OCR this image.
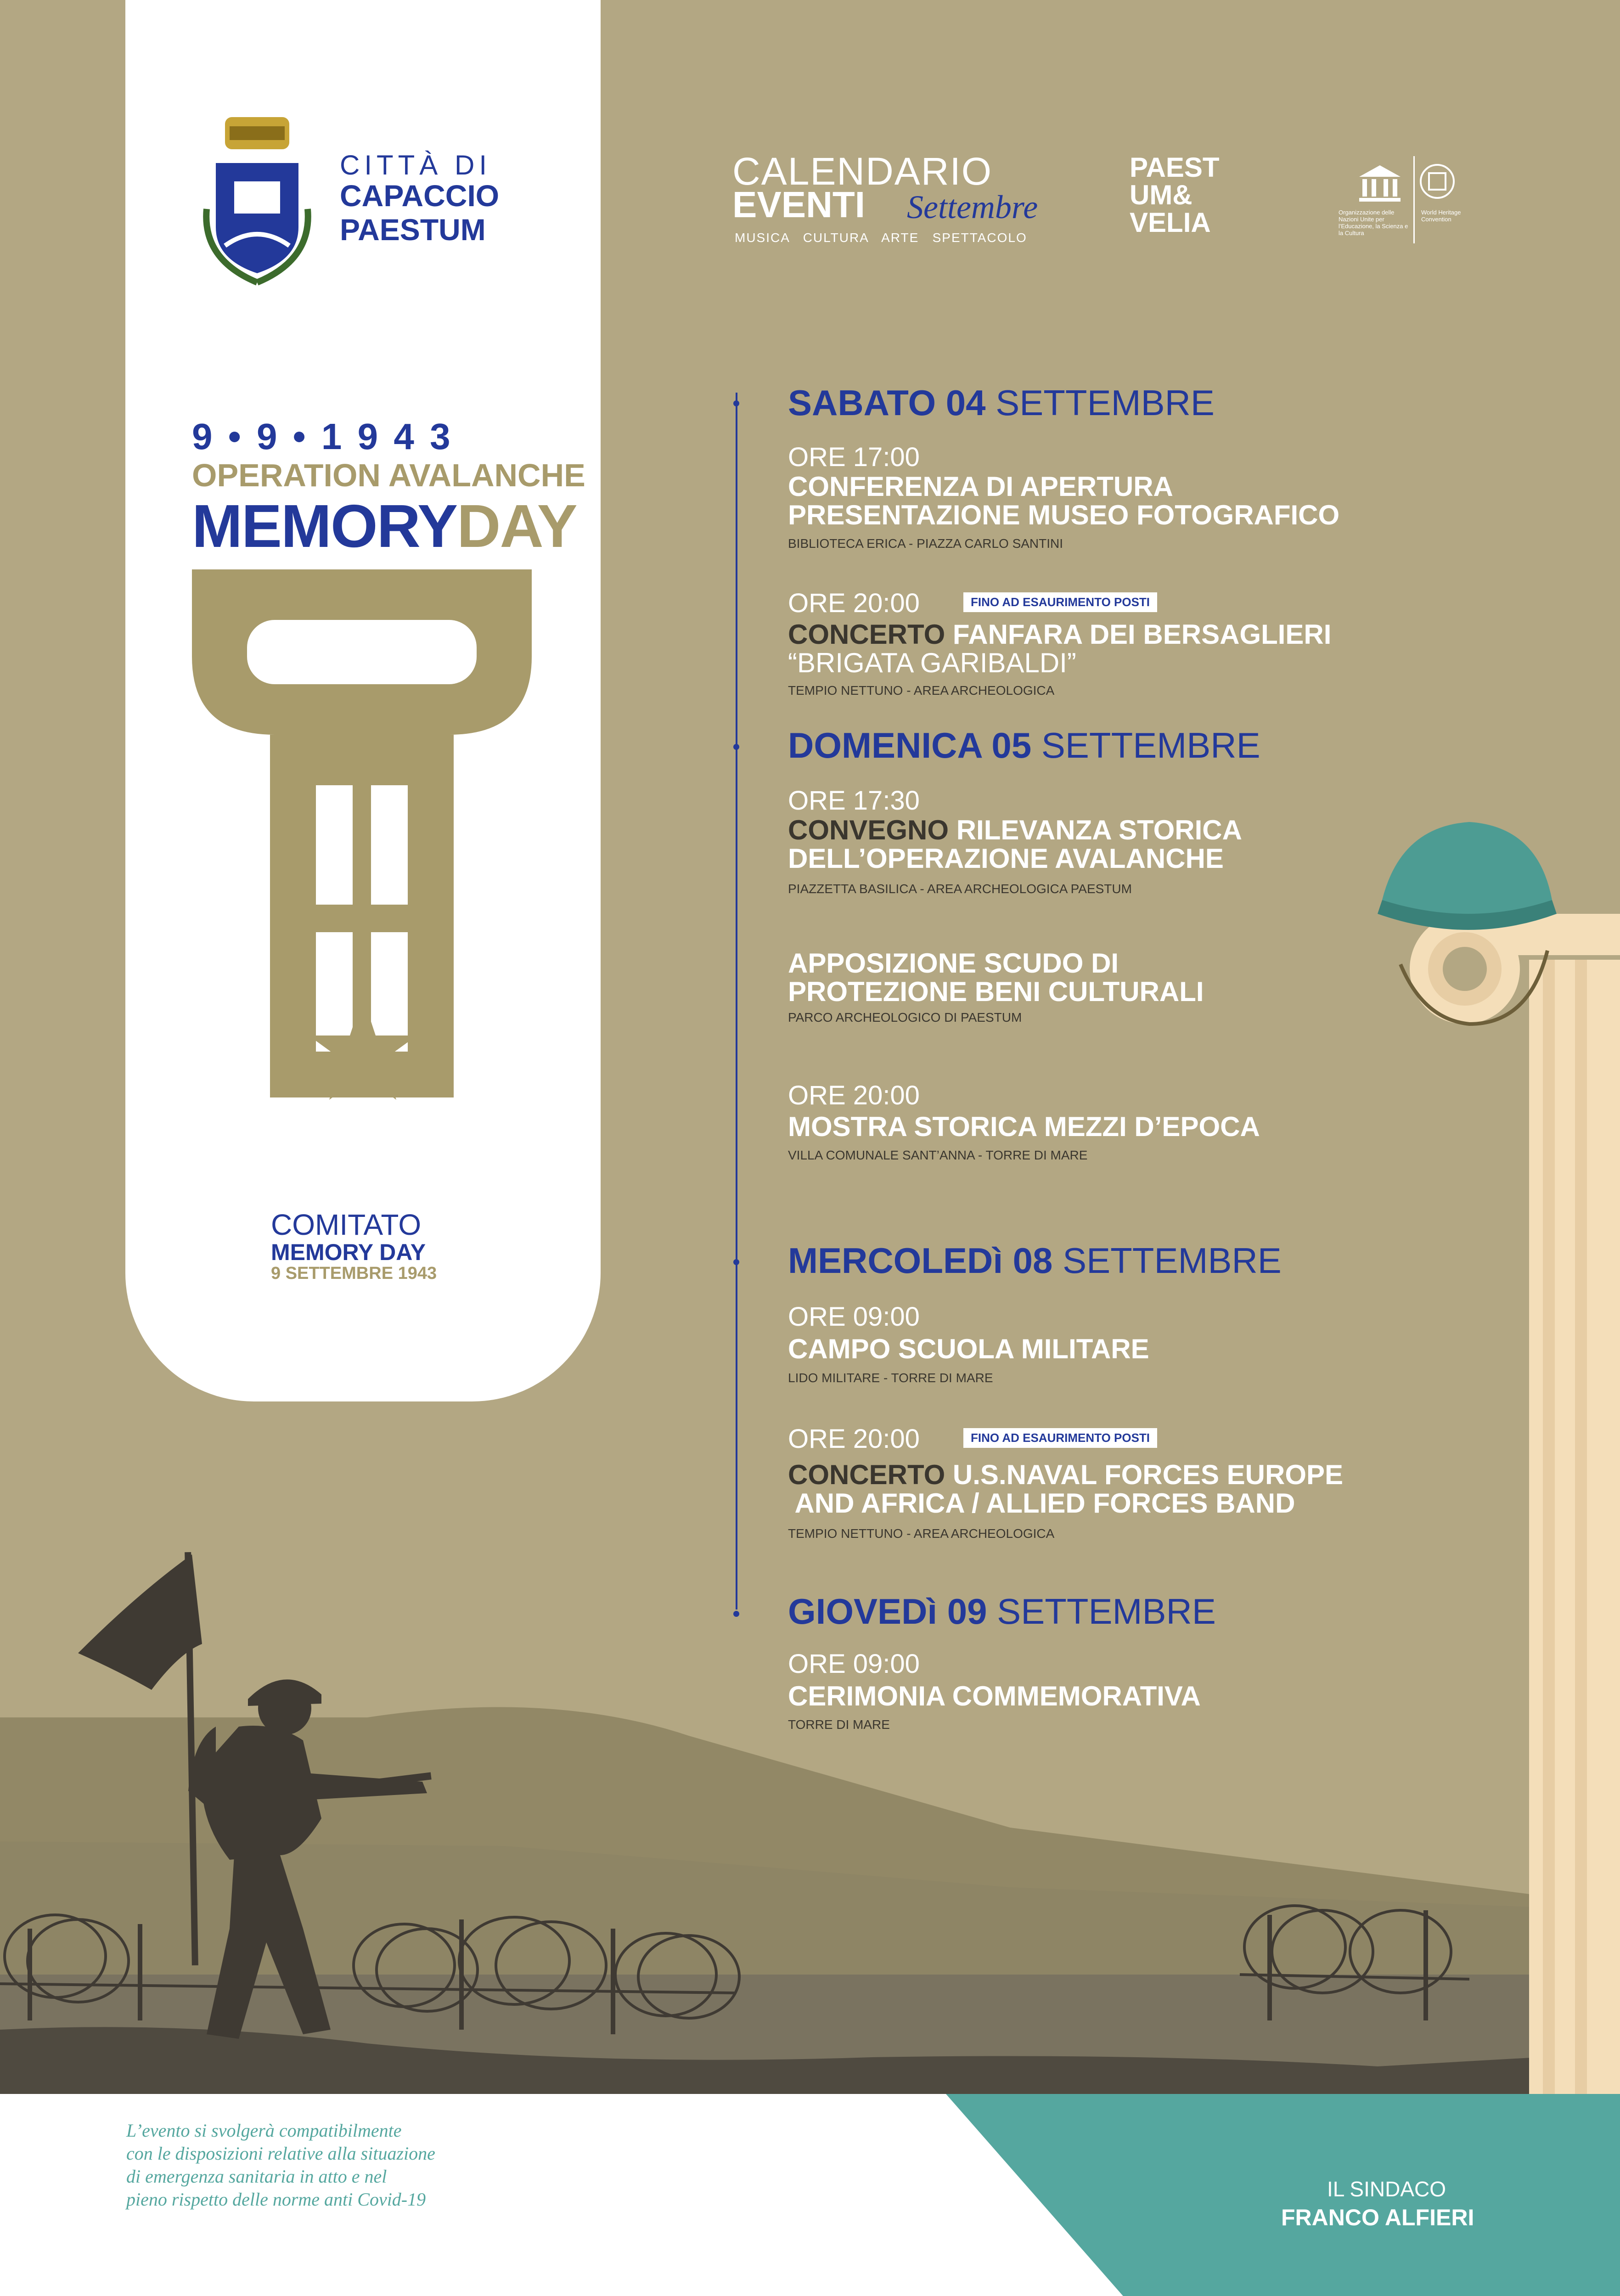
CITTÀ DI
CAPACCIO
PAESTUM
9 • 9 • 1 9 4 3
OPERATION AVALANCHE
MEMORYDAY
COMITATO
MEMORY DAY
9 SETTEMBRE 1943
CALENDARIO
EVENTI Settembre
MUSICA   CULTURA   ARTE   SPETTACOLO
PAEST
UM&
VELIA	Organizzazione delle Nazioni Unite per l'Educazione, la Scienza e la Cultura
World Heritage Convention
SABATO 04 SETTEMBRE
ORE 17:00
CONFERENZA DI APERTURA
PRESENTAZIONE MUSEO FOTOGRAFICO
BIBLIOTECA ERICA - PIAZZA CARLO SANTINI
ORE 20:00	FINO AD ESAURIMENTO POSTI
CONCERTO FANFARA DEI BERSAGLIERI
“BRIGATA GARIBALDI”
TEMPIO NETTUNO - AREA ARCHEOLOGICA
DOMENICA 05 SETTEMBRE
ORE 17:30
CONVEGNO RILEVANZA STORICA
DELL’OPERAZIONE AVALANCHE
PIAZZETTA BASILICA - AREA ARCHEOLOGICA PAESTUM
APPOSIZIONE SCUDO DI
PROTEZIONE BENI CULTURALI
PARCO ARCHEOLOGICO DI PAESTUM
ORE 20:00
MOSTRA STORICA MEZZI D’EPOCA
VILLA COMUNALE SANT’ANNA - TORRE DI MARE
MERCOLEDì 08 SETTEMBRE
ORE 09:00
CAMPO SCUOLA MILITARE
LIDO MILITARE - TORRE DI MARE
ORE 20:00	FINO AD ESAURIMENTO POSTI
CONCERTO U.S.NAVAL FORCES EUROPE
AND AFRICA / ALLIED FORCES BAND
TEMPIO NETTUNO - AREA ARCHEOLOGICA
GIOVEDì 09 SETTEMBRE
ORE 09:00
CERIMONIA COMMEMORATIVA
TORRE DI MARE
L’evento si svolgerà compatibilmente
con le disposizioni relative alla situazione
di emergenza sanitaria in atto e nel
pieno rispetto delle norme anti Covid-19	IL SINDACO
FRANCO ALFIERI
